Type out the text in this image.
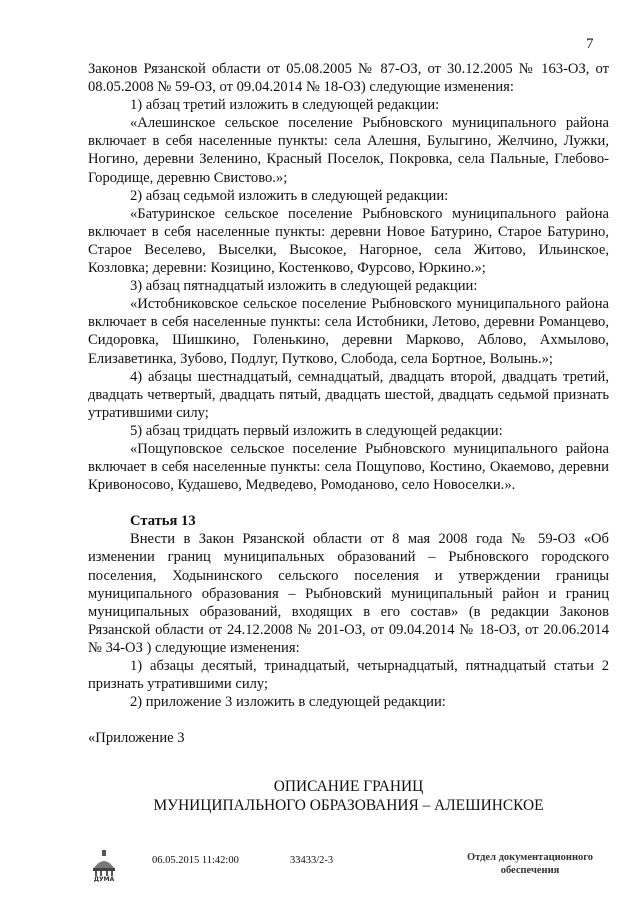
7

Законов Рязанской области от 05.08.2005 № 87-ОЗ, от 30.12.2005 № 163-ОЗ, от 08.05.2008 № 59-ОЗ, от 09.04.2014 № 18-ОЗ) следующие изменения:

1) абзац третий изложить в следующей редакции:

«Алешинское сельское поселение Рыбновского муниципального района включает в себя населенные пункты: села Алешня, Булыгино, Желчино, Лужки, Ногино, деревни Зеленино, Красный Поселок, Покровка, села Пальные, Глебово-Городище, деревню Свистово.»;

2) абзац седьмой изложить в следующей редакции:

«Батуринское сельское поселение Рыбновского муниципального района включает в себя населенные пункты: деревни Новое Батурино, Старое Батурино, Старое Веселево, Выселки, Высокое, Нагорное, села Житово, Ильинское, Козловка; деревни: Козицино, Костенково, Фурсово, Юркино.»;

3) абзац пятнадцатый изложить в следующей редакции:

«Истобниковское сельское поселение Рыбновского муниципального района включает в себя населенные пункты: села Истобники, Летово, деревни Романцево, Сидоровка, Шишкино, Голенькино, деревни Марково, Аблово, Ахмылово, Елизаветинка, Зубово, Подлуг, Путково, Слобода, села Бортное, Волынь.»;

4) абзацы шестнадцатый, семнадцатый, двадцать второй, двадцать третий, двадцать четвертый, двадцать пятый, двадцать шестой, двадцать седьмой признать утратившими силу;

5) абзац тридцать первый изложить в следующей редакции:

«Пощуповское сельское поселение Рыбновского муниципального района включает в себя населенные пункты: села Пощупово, Костино, Окаемово, деревни Кривоносово, Кудашево, Медведево, Ромоданово, село Новоселки.».

Статья 13

Внести в Закон Рязанской области от 8 мая 2008 года № 59-ОЗ «Об изменении границ муниципальных образований – Рыбновского городского поселения, Ходынинского сельского поселения и утверждении границы муниципального образования – Рыбновский муниципальный район и границ муниципальных образований, входящих в его состав» (в редакции Законов Рязанской области от 24.12.2008 № 201-ОЗ, от 09.04.2014 № 18-ОЗ, от 20.06.2014 № 34-ОЗ ) следующие изменения:

1) абзацы десятый, тринадцатый, четырнадцатый, пятнадцатый статьи 2 признать утратившими силу;

2) приложение 3 изложить в следующей редакции:

«Приложение 3

ОПИСАНИЕ ГРАНИЦ
МУНИЦИПАЛЬНОГО ОБРАЗОВАНИЯ – АЛЕШИНСКОЕ
ДУМА
06.05.2015 11:42:00	33433/2-3	Отдел документационного
обеспечения
